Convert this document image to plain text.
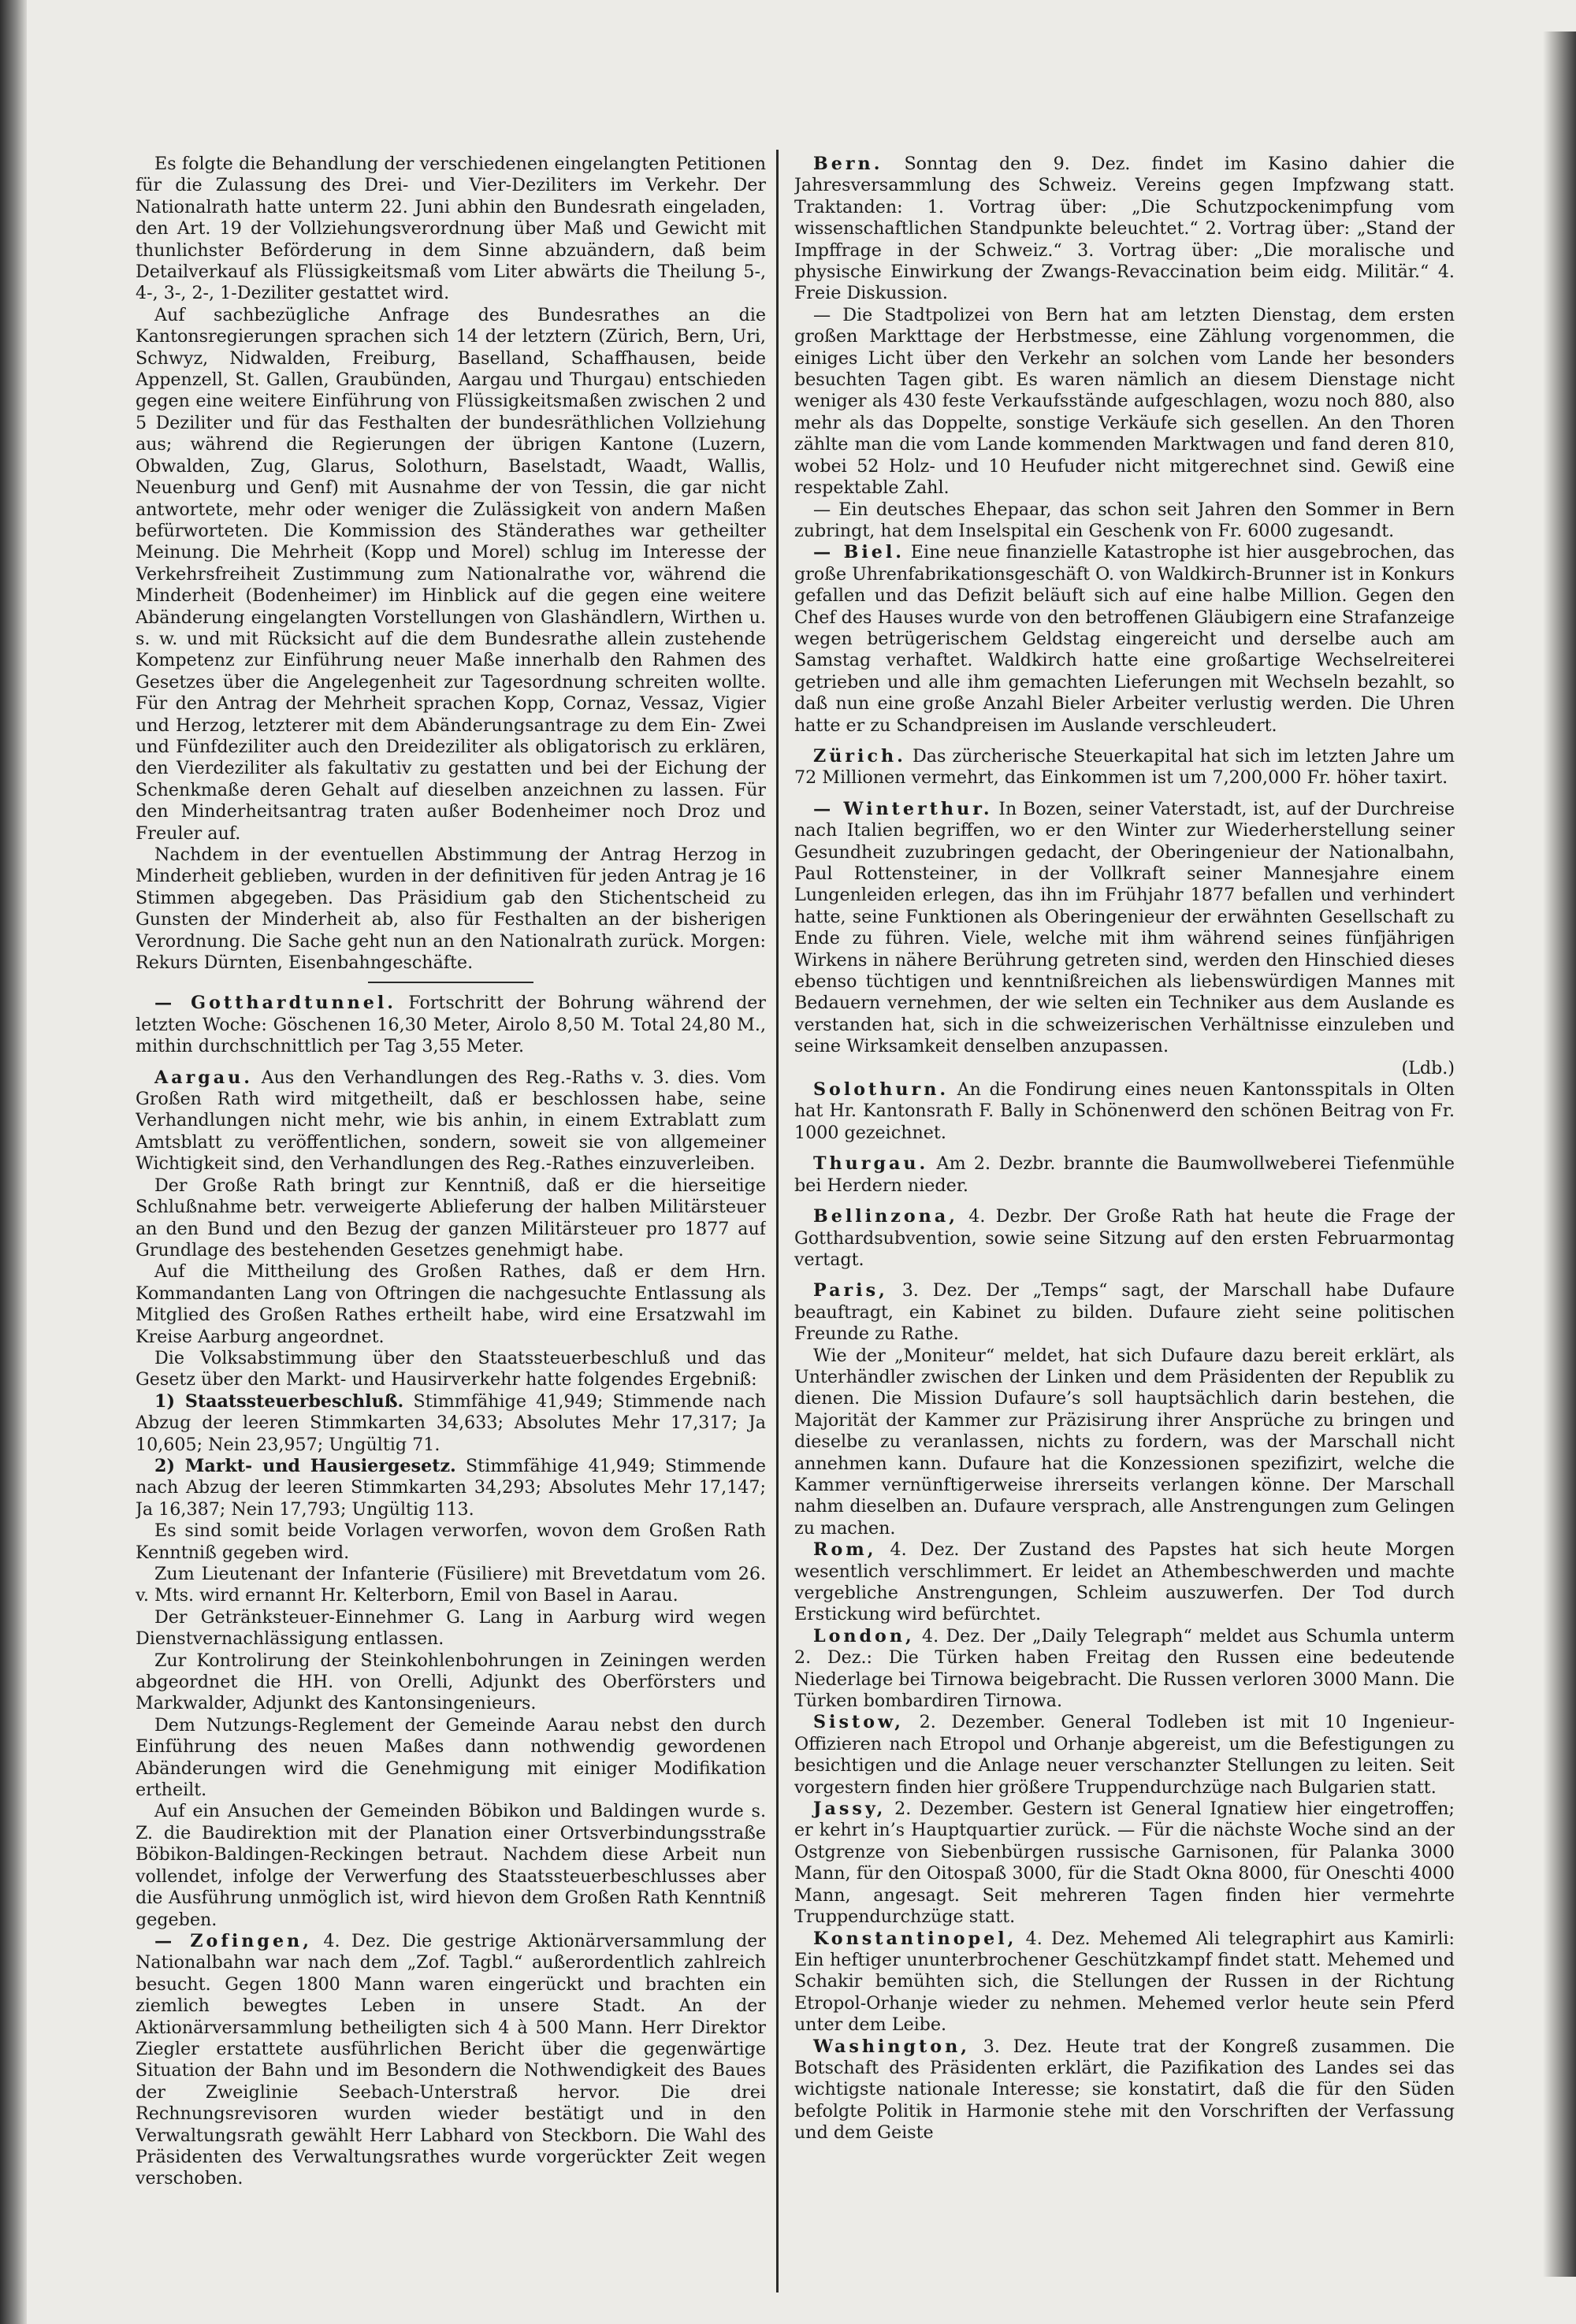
Es folgte die Behandlung der verschiedenen eingelangten Petitionen für die Zulassung des Drei- und Vier-Deziliters im Verkehr. Der Nationalrath hatte unterm 22. Juni abhin den Bundesrath eingeladen, den Art. 19 der Vollziehungsverordnung über Maß und Gewicht mit thunlichster Beförderung in dem Sinne abzuändern, daß beim Detailverkauf als Flüssigkeitsmaß vom Liter abwärts die Theilung 5-, 4-, 3-, 2-, 1-Deziliter gestattet wird.

Auf sachbezügliche Anfrage des Bundesrathes an die Kantonsregierungen sprachen sich 14 der letztern (Zürich, Bern, Uri, Schwyz, Nidwalden, Freiburg, Baselland, Schaffhausen, beide Appenzell, St. Gallen, Graubünden, Aargau und Thurgau) entschieden gegen eine weitere Einführung von Flüssigkeitsmaßen zwischen 2 und 5 Deziliter und für das Festhalten der bundesräthlichen Vollziehung aus; während die Regierungen der übrigen Kantone (Luzern, Obwalden, Zug, Glarus, Solothurn, Baselstadt, Waadt, Wallis, Neuenburg und Genf) mit Ausnahme der von Tessin, die gar nicht antwortete, mehr oder weniger die Zulässigkeit von andern Maßen befürworteten. Die Kommission des Ständerathes war getheilter Meinung. Die Mehrheit (Kopp und Morel) schlug im Interesse der Verkehrsfreiheit Zustimmung zum Nationalrathe vor, während die Minderheit (Bodenheimer) im Hinblick auf die gegen eine weitere Abänderung eingelangten Vorstellungen von Glashändlern, Wirthen u. s. w. und mit Rücksicht auf die dem Bundesrathe allein zustehende Kompetenz zur Einführung neuer Maße innerhalb den Rahmen des Gesetzes über die Angelegenheit zur Tagesordnung schreiten wollte. Für den Antrag der Mehrheit sprachen Kopp, Cornaz, Vessaz, Vigier und Herzog, letzterer mit dem Abänderungsantrage zu dem Ein- Zwei und Fünfdeziliter auch den Dreideziliter als obligatorisch zu erklären, den Vierdeziliter als fakultativ zu gestatten und bei der Eichung der Schenkmaße deren Gehalt auf dieselben anzeichnen zu lassen. Für den Minderheitsantrag traten außer Bodenheimer noch Droz und Freuler auf.

Nachdem in der eventuellen Abstimmung der Antrag Herzog in Minderheit geblieben, wurden in der definitiven für jeden Antrag je 16 Stimmen abgegeben. Das Präsidium gab den Stichentscheid zu Gunsten der Minderheit ab, also für Festhalten an der bisherigen Verordnung. Die Sache geht nun an den Nationalrath zurück. Morgen: Rekurs Dürnten, Eisenbahngeschäfte.

— Gotthardtunnel. Fortschritt der Bohrung während der letzten Woche: Göschenen 16,30 Meter, Airolo 8,50 M. Total 24,80 M., mithin durchschnittlich per Tag 3,55 Meter.

Aargau. Aus den Verhandlungen des Reg.-Raths v. 3. dies. Vom Großen Rath wird mitgetheilt, daß er beschlossen habe, seine Verhandlungen nicht mehr, wie bis anhin, in einem Extrablatt zum Amtsblatt zu veröffentlichen, sondern, soweit sie von allgemeiner Wichtigkeit sind, den Verhandlungen des Reg.-Rathes einzuverleiben.

Der Große Rath bringt zur Kenntniß, daß er die hierseitige Schlußnahme betr. verweigerte Ablieferung der halben Militärsteuer an den Bund und den Bezug der ganzen Militärsteuer pro 1877 auf Grundlage des bestehenden Gesetzes genehmigt habe.

Auf die Mittheilung des Großen Rathes, daß er dem Hrn. Kommandanten Lang von Oftringen die nachgesuchte Entlassung als Mitglied des Großen Rathes ertheilt habe, wird eine Ersatzwahl im Kreise Aarburg angeordnet.

Die Volksabstimmung über den Staatssteuerbeschluß und das Gesetz über den Markt- und Hausirverkehr hatte folgendes Ergebniß:

1) Staatssteuerbeschluß. Stimmfähige 41,949; Stimmende nach Abzug der leeren Stimmkarten 34,633; Absolutes Mehr 17,317; Ja 10,605; Nein 23,957; Ungültig 71.

2) Markt- und Hausiergesetz. Stimmfähige 41,949; Stimmende nach Abzug der leeren Stimmkarten 34,293; Absolutes Mehr 17,147; Ja 16,387; Nein 17,793; Ungültig 113.

Es sind somit beide Vorlagen verworfen, wovon dem Großen Rath Kenntniß gegeben wird.

Zum Lieutenant der Infanterie (Füsiliere) mit Brevetdatum vom 26. v. Mts. wird ernannt Hr. Kelterborn, Emil von Basel in Aarau.

Der Getränksteuer-Einnehmer G. Lang in Aarburg wird wegen Dienstvernachlässigung entlassen.

Zur Kontrolirung der Steinkohlenbohrungen in Zeiningen werden abgeordnet die HH. von Orelli, Adjunkt des Oberförsters und Markwalder, Adjunkt des Kantonsingenieurs.

Dem Nutzungs-Reglement der Gemeinde Aarau nebst den durch Einführung des neuen Maßes dann nothwendig gewordenen Abänderungen wird die Genehmigung mit einiger Modifikation ertheilt.

Auf ein Ansuchen der Gemeinden Böbikon und Baldingen wurde s. Z. die Baudirektion mit der Planation einer Ortsverbindungsstraße Böbikon-Baldingen-Reckingen betraut. Nachdem diese Arbeit nun vollendet, infolge der Verwerfung des Staatssteuerbeschlusses aber die Ausführung unmöglich ist, wird hievon dem Großen Rath Kenntniß gegeben.

— Zofingen, 4. Dez. Die gestrige Aktionärversammlung der Nationalbahn war nach dem „Zof. Tagbl.“ außerordentlich zahlreich besucht. Gegen 1800 Mann waren eingerückt und brachten ein ziemlich bewegtes Leben in unsere Stadt. An der Aktionärversammlung betheiligten sich 4 à 500 Mann. Herr Direktor Ziegler erstattete ausführlichen Bericht über die gegenwärtige Situation der Bahn und im Besondern die Nothwendigkeit des Baues der Zweiglinie Seebach-Unterstraß hervor. Die drei Rechnungsrevisoren wurden wieder bestätigt und in den Verwaltungsrath gewählt Herr Labhard von Steckborn. Die Wahl des Präsidenten des Verwaltungsrathes wurde vorgerückter Zeit wegen verschoben.

Bern. Sonntag den 9. Dez. findet im Kasino dahier die Jahresversammlung des Schweiz. Vereins gegen Impfzwang statt. Traktanden: 1. Vortrag über: „Die Schutzpockenimpfung vom wissenschaftlichen Standpunkte beleuchtet.“ 2. Vortrag über: „Stand der Impffrage in der Schweiz.“ 3. Vortrag über: „Die moralische und physische Einwirkung der Zwangs-Revaccination beim eidg. Militär.“ 4. Freie Diskussion.

— Die Stadtpolizei von Bern hat am letzten Dienstag, dem ersten großen Markttage der Herbstmesse, eine Zählung vorgenommen, die einiges Licht über den Verkehr an solchen vom Lande her besonders besuchten Tagen gibt. Es waren nämlich an diesem Dienstage nicht weniger als 430 feste Verkaufsstände aufgeschlagen, wozu noch 880, also mehr als das Doppelte, sonstige Verkäufe sich gesellen. An den Thoren zählte man die vom Lande kommenden Marktwagen und fand deren 810, wobei 52 Holz- und 10 Heufuder nicht mitgerechnet sind. Gewiß eine respektable Zahl.

— Ein deutsches Ehepaar, das schon seit Jahren den Sommer in Bern zubringt, hat dem Inselspital ein Geschenk von Fr. 6000 zugesandt.

— Biel. Eine neue finanzielle Katastrophe ist hier ausgebrochen, das große Uhrenfabrikationsgeschäft O. von Waldkirch-Brunner ist in Konkurs gefallen und das Defizit beläuft sich auf eine halbe Million. Gegen den Chef des Hauses wurde von den betroffenen Gläubigern eine Strafanzeige wegen betrügerischem Geldstag eingereicht und derselbe auch am Samstag verhaftet. Waldkirch hatte eine großartige Wechselreiterei getrieben und alle ihm gemachten Lieferungen mit Wechseln bezahlt, so daß nun eine große Anzahl Bieler Arbeiter verlustig werden. Die Uhren hatte er zu Schandpreisen im Auslande verschleudert.

Zürich. Das zürcherische Steuerkapital hat sich im letzten Jahre um 72 Millionen vermehrt, das Einkommen ist um 7,200,000 Fr. höher taxirt.

— Winterthur. In Bozen, seiner Vaterstadt, ist, auf der Durchreise nach Italien begriffen, wo er den Winter zur Wiederherstellung seiner Gesundheit zuzubringen gedacht, der Oberingenieur der Nationalbahn, Paul Rottensteiner, in der Vollkraft seiner Mannesjahre einem Lungenleiden erlegen, das ihn im Frühjahr 1877 befallen und verhindert hatte, seine Funktionen als Oberingenieur der erwähnten Gesellschaft zu Ende zu führen. Viele, welche mit ihm während seines fünfjährigen Wirkens in nähere Berührung getreten sind, werden den Hinschied dieses ebenso tüchtigen und kenntnißreichen als liebenswürdigen Mannes mit Bedauern vernehmen, der wie selten ein Techniker aus dem Auslande es verstanden hat, sich in die schweizerischen Verhältnisse einzuleben und seine Wirksamkeit denselben anzupassen.

(Ldb.)

Solothurn. An die Fondirung eines neuen Kantonsspitals in Olten hat Hr. Kantonsrath F. Bally in Schönenwerd den schönen Beitrag von Fr. 1000 gezeichnet.

Thurgau. Am 2. Dezbr. brannte die Baumwollweberei Tiefenmühle bei Herdern nieder.

Bellinzona, 4. Dezbr. Der Große Rath hat heute die Frage der Gotthardsubvention, sowie seine Sitzung auf den ersten Februarmontag vertagt.

Paris, 3. Dez. Der „Temps“ sagt, der Marschall habe Dufaure beauftragt, ein Kabinet zu bilden. Dufaure zieht seine politischen Freunde zu Rathe.

Wie der „Moniteur“ meldet, hat sich Dufaure dazu bereit erklärt, als Unterhändler zwischen der Linken und dem Präsidenten der Republik zu dienen. Die Mission Dufaure’s soll hauptsächlich darin bestehen, die Majorität der Kammer zur Präzisirung ihrer Ansprüche zu bringen und dieselbe zu veranlassen, nichts zu fordern, was der Marschall nicht annehmen kann. Dufaure hat die Konzessionen spezifizirt, welche die Kammer vernünftigerweise ihrerseits verlangen könne. Der Marschall nahm dieselben an. Dufaure versprach, alle Anstrengungen zum Gelingen zu machen.

Rom, 4. Dez. Der Zustand des Papstes hat sich heute Morgen wesentlich verschlimmert. Er leidet an Athembeschwerden und machte vergebliche Anstrengungen, Schleim auszuwerfen. Der Tod durch Erstickung wird befürchtet.

London, 4. Dez. Der „Daily Telegraph“ meldet aus Schumla unterm 2. Dez.: Die Türken haben Freitag den Russen eine bedeutende Niederlage bei Tirnowa beigebracht. Die Russen verloren 3000 Mann. Die Türken bombardiren Tirnowa.

Sistow, 2. Dezember. General Todleben ist mit 10 Ingenieur-Offizieren nach Etropol und Orhanje abgereist, um die Befestigungen zu besichtigen und die Anlage neuer verschanzter Stellungen zu leiten. Seit vorgestern finden hier größere Truppendurchzüge nach Bulgarien statt.

Jassy, 2. Dezember. Gestern ist General Ignatiew hier eingetroffen; er kehrt in’s Hauptquartier zurück. — Für die nächste Woche sind an der Ostgrenze von Siebenbürgen russische Garnisonen, für Palanka 3000 Mann, für den Oitospaß 3000, für die Stadt Okna 8000, für Oneschti 4000 Mann, angesagt. Seit mehreren Tagen finden hier vermehrte Truppendurchzüge statt.

Konstantinopel, 4. Dez. Mehemed Ali telegraphirt aus Kamirli: Ein heftiger ununterbrochener Geschützkampf findet statt. Mehemed und Schakir bemühten sich, die Stellungen der Russen in der Richtung Etropol-Orhanje wieder zu nehmen. Mehemed verlor heute sein Pferd unter dem Leibe.

Washington, 3. Dez. Heute trat der Kongreß zusammen. Die Botschaft des Präsidenten erklärt, die Pazifikation des Landes sei das wichtigste nationale Interesse; sie konstatirt, daß die für den Süden befolgte Politik in Harmonie stehe mit den Vorschriften der Verfassung und dem Geiste
